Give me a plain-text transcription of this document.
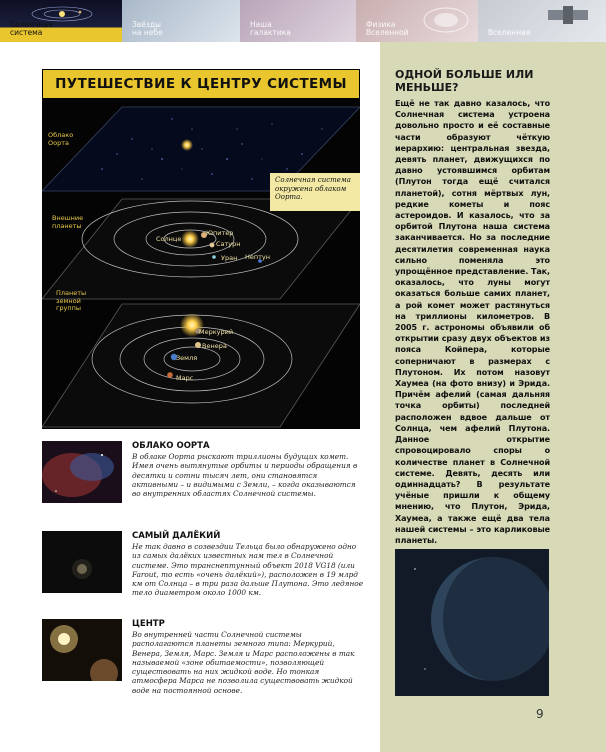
Солнечная
система
Звёзды
на небе
Наша
галактика
Физика
Вселенной	Вселенная
ПУТЕШЕСТВИЕ К ЦЕНТРУ СИСТЕМЫ
Облако
Оорта
Внешние
планеты
Планеты
земной
группы
Солнечная система окружена облаком Оорта.
Солнце
Юпитер
Сатурн
Уран Нептун
Меркурий
Венера
Земля
Марс
ОБЛАКО ООРТА
В облаке Оорта рыскают триллионы будущих комет. Имея очень вытянутые орбиты и периоды обращения в десятки и сотни тысяч лет, они становятся активными – и видимыми с Земли, – когда оказываются во внутренних областях Солнечной системы.
САМЫЙ ДАЛЁКИЙ
Не так давно в созвездии Тельца было обнаружено одно из самых далёких известных нам тел в Солнечной системе. Это транснептунный объект 2018 VG18 (или Farout, то есть «очень далёкий»), расположен в 19 млрд км от Солнца – в три раза дальше Плутона. Это ледяное тело диаметром около 1000 км.
ЦЕНТР
Во внутренней части Солнечной системы располагаются планеты земного типа: Меркурий, Венера, Земля, Марс. Земля и Марс расположены в так называемой «зоне обитаемости», позволяющей существовать на них жидкой воде. Но тонкая атмосфера Марса не позволила существовать жидкой воде на постоянной основе.
ОДНОЙ БОЛЬШЕ ИЛИ МЕНЬШЕ?
Ещё не так давно казалось, что Солнечная система устроена довольно просто и её составные части образуют чёткую иерархию: центральная звезда, девять планет, движущихся по давно устоявшимся орбитам (Плутон тогда ещё считался планетой), сотня мёртвых лун, редкие кометы и пояс астероидов. И казалось, что за орбитой Плутона наша система заканчивается. Но за последние десятилетия современная наука сильно поменяла это упрощённое представление. Так, оказалось, что луны могут оказаться больше самих планет, а рой комет может растянуться на триллионы километров. В 2005 г. астрономы объявили об открытии сразу двух объектов из пояса Койпера, которые соперничают в размерах с Плутоном. Их потом назовут Хаумеа (на фото внизу) и Эрида. Причём афелий (самая дальняя точка орбиты) последней расположен вдвое дальше от Солнца, чем афелий Плутона. Данное открытие спровоцировало споры о количестве планет в Солнечной системе. Девять, десять или одиннадцать? В результате учёные пришли к общему мнению, что Плутон, Эрида, Хаумеа, а также ещё два тела нашей системы – это карликовые планеты.
9
